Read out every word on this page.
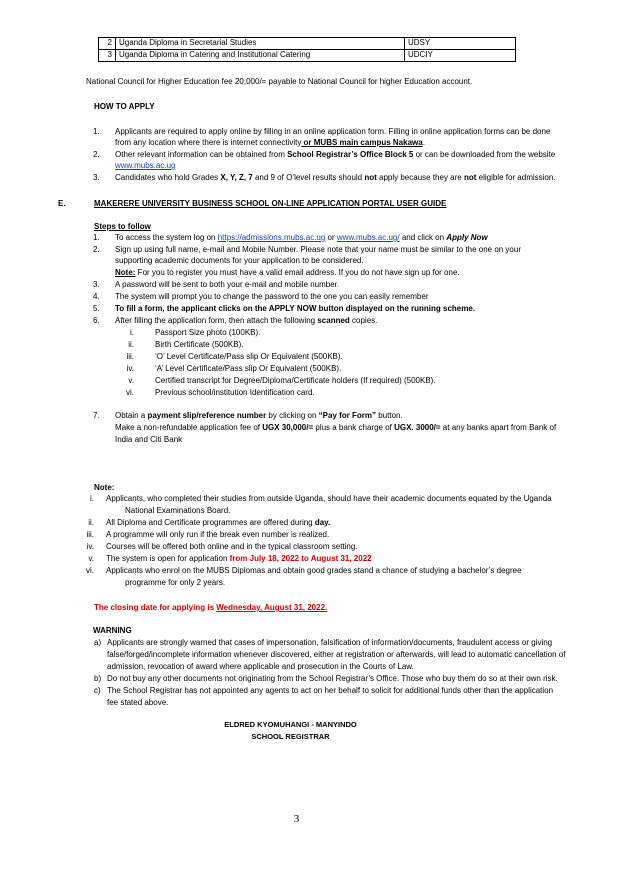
2	Uganda Diploma in Secretarial Studies	UDSY
3	Uganda Diploma in Catering and Institutional Catering	UDCIY
National Council for Higher Education fee 20,000/= payable to National Council for higher Education account.
HOW TO APPLY
1. Applicants are required to apply online by filling in an online application form. Filling in online application forms can be done
from any location where there is internet connectivity or MUBS main campus Nakawa.
2. Other relevant information can be obtained from School Registrar’s Office Block 5 or can be downloaded from the website
www.mubs.ac.ug
3. Candidates who hold Grades X, Y, Z, 7 and 9 of O’level results should not apply because they are not eligible for admission.
E.	MAKERERE UNIVERSITY BUSINESS SCHOOL ON-LINE APPLICATION PORTAL USER GUIDE
Steps to follow
1. To access the system log on https://admissions.mubs.ac.ug or www.mubs.ac.ug/ and click on Apply Now
2. Sign up using full name, e-mail and Mobile Number. Please note that your name must be similar to the one on your
supporting academic documents for your application to be considered.
Note: For you to register you must have a valid email address. If you do not have sign up for one.
3. A password will be sent to both your e-mail and mobile number.
4. The system will prompt you to change the password to the one you can easily remember
5. To fill a form, the applicant clicks on the APPLY NOW button displayed on the running scheme.
6. After filling the application form, then attach the following scanned copies.
i.	Passport Size photo (100KB).
ii.	Birth Certificate (500KB).
iii.	‘O’ Level Certificate/Pass slip Or Equivalent (500KB).
iv.	‘A’ Level Certificate/Pass slip Or Equivalent (500KB).
v.	Certified transcript for Degree/Diploma/Certificate holders (If required) (500KB).
vi.	Previous school/institution Identification card.
7. Obtain a payment slip/reference number by clicking on “Pay for Form” button.
Make a non-refundable application fee of UGX 30,000/= plus a bank charge of UGX. 3000/= at any banks apart from Bank of
India and Citi Bank
Note:
i. Applicants, who completed their studies from outside Uganda, should have their academic documents equated by the Uganda
National Examinations Board.
ii. All Diploma and Certificate programmes are offered during day.
iii. A programme will only run if the break even number is realized.
iv. Courses will be offered both online and in the typical classroom setting.
v. The system is open for application from July 18, 2022 to August 31, 2022
vi. Applicants who enrol on the MUBS Diplomas and obtain good grades stand a chance of studying a bachelor’s degree
programme for only 2 years.
The closing date for applying is Wednesday, August 31, 2022.
WARNING
a) Applicants are strongly warned that cases of impersonation, falsification of information/documents, fraudulent access or giving
false/forged/incomplete information whenever discovered, either at registration or afterwards, will lead to automatic cancellation of
admission, revocation of award where applicable and prosecution in the Courts of Law.
b) Do not buy any other documents not originating from the School Registrar’s Office. Those who buy them do so at their own risk.
c) The School Registrar has not appointed any agents to act on her behalf to solicit for additional funds other than the application
fee stated above.
ELDRED KYOMUHANGI - MANYINDO
SCHOOL REGISTRAR
3
